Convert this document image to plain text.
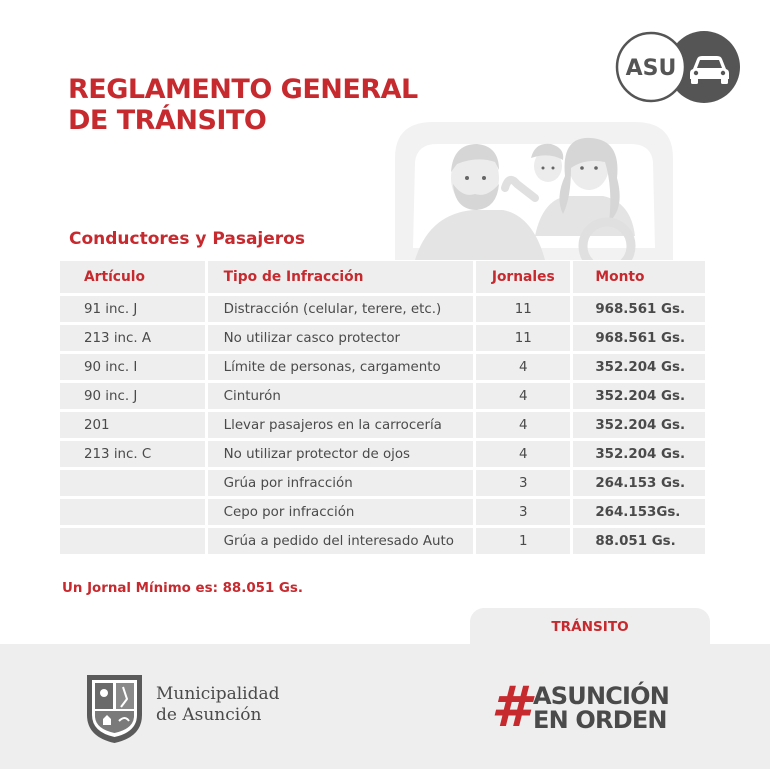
REGLAMENTO GENERAL
DE TRÁNSITO
ASU
Conductores y Pasajeros
Artículo	Tipo de Infracción	Jornales	Monto
91 inc. J	Distracción (celular, terere, etc.)	11	968.561 Gs.
213 inc. A	No utilizar casco protector	11	968.561 Gs.
90 inc. I	Límite de personas, cargamento	4	352.204 Gs.
90 inc. J	Cinturón	4	352.204 Gs.
201	Llevar pasajeros en la carrocería	4	352.204 Gs.
213 inc. C	No utilizar protector de ojos	4	352.204 Gs.
	Grúa por infracción	3	264.153 Gs.
	Cepo por infracción	3	264.153Gs.
	Grúa a pedido del interesado Auto	1	88.051 Gs.

Un Jornal Mínimo es: 88.051 Gs.

TRÁNSITO
Municipalidad
de Asunción	# ASUNCIÓN
EN ORDEN
